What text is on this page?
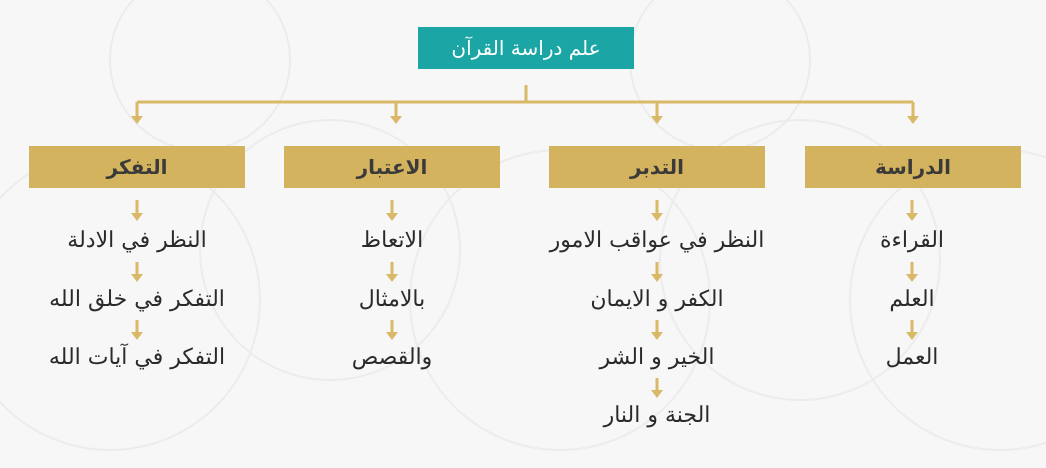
علم دراسة القرآن
الدراسة
التدبر
الاعتبار
التفكر
القراءة
العلم
العمل
النظر في عواقب الامور
الكفر و الايمان
الخير و الشر
الجنة و النار
الاتعاظ
بالامثال
والقصص
النظر في الادلة
التفكر في خلق الله
التفكر في آيات الله
